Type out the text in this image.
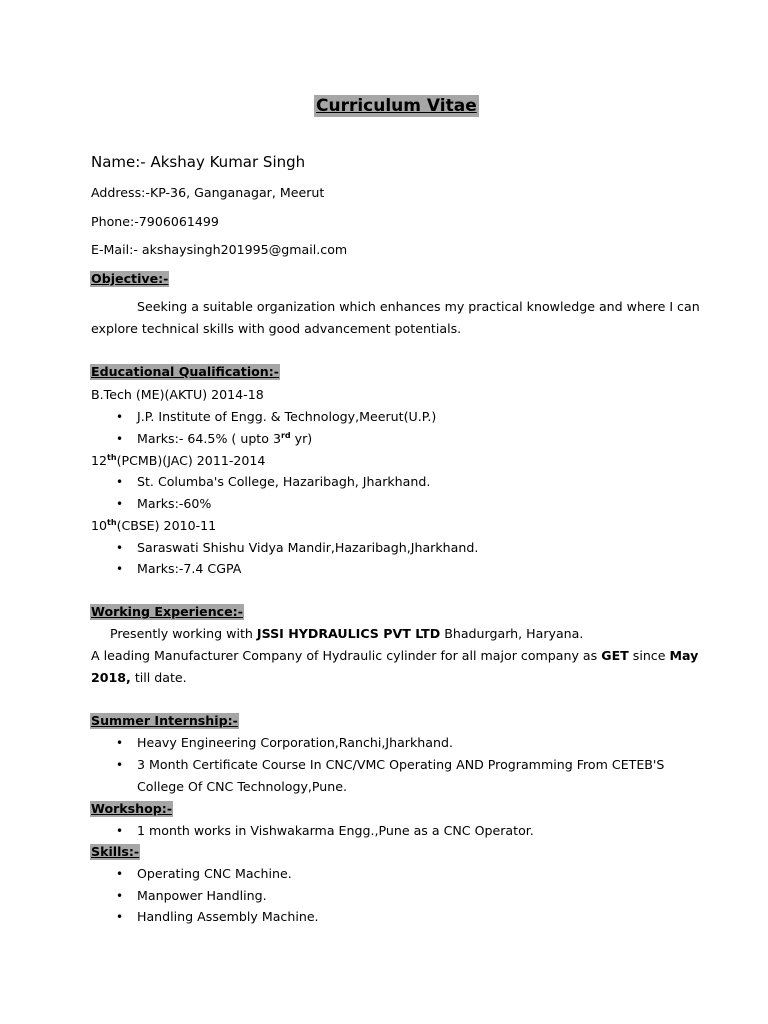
Curriculum Vitae
Name:- Akshay Kumar Singh
Address:-KP-36, Ganganagar, Meerut
Phone:-7906061499
E-Mail:- akshaysingh201995@gmail.com
Objective:-
Seeking a suitable organization which enhances my practical knowledge and where I can
explore technical skills with good advancement potentials.
Educational Qualification:-
B.Tech (ME)(AKTU) 2014-18
• J.P. Institute of Engg. & Technology,Meerut(U.P.)
• Marks:- 64.5% ( upto 3rd yr)
12th(PCMB)(JAC) 2011-2014
• St. Columba's College, Hazaribagh, Jharkhand.
• Marks:-60%
10th(CBSE) 2010-11
• Saraswati Shishu Vidya Mandir,Hazaribagh,Jharkhand.
• Marks:-7.4 CGPA
Working Experience:-
Presently working with JSSI HYDRAULICS PVT LTD Bhadurgarh, Haryana.
A leading Manufacturer Company of Hydraulic cylinder for all major company as GET since May
2018, till date.
Summer Internship:-
• Heavy Engineering Corporation,Ranchi,Jharkhand.
• 3 Month Certificate Course In CNC/VMC Operating AND Programming From CETEB'S
College Of CNC Technology,Pune.
Workshop:-
• 1 month works in Vishwakarma Engg.,Pune as a CNC Operator.
Skills:-
• Operating CNC Machine.
• Manpower Handling.
• Handling Assembly Machine.
